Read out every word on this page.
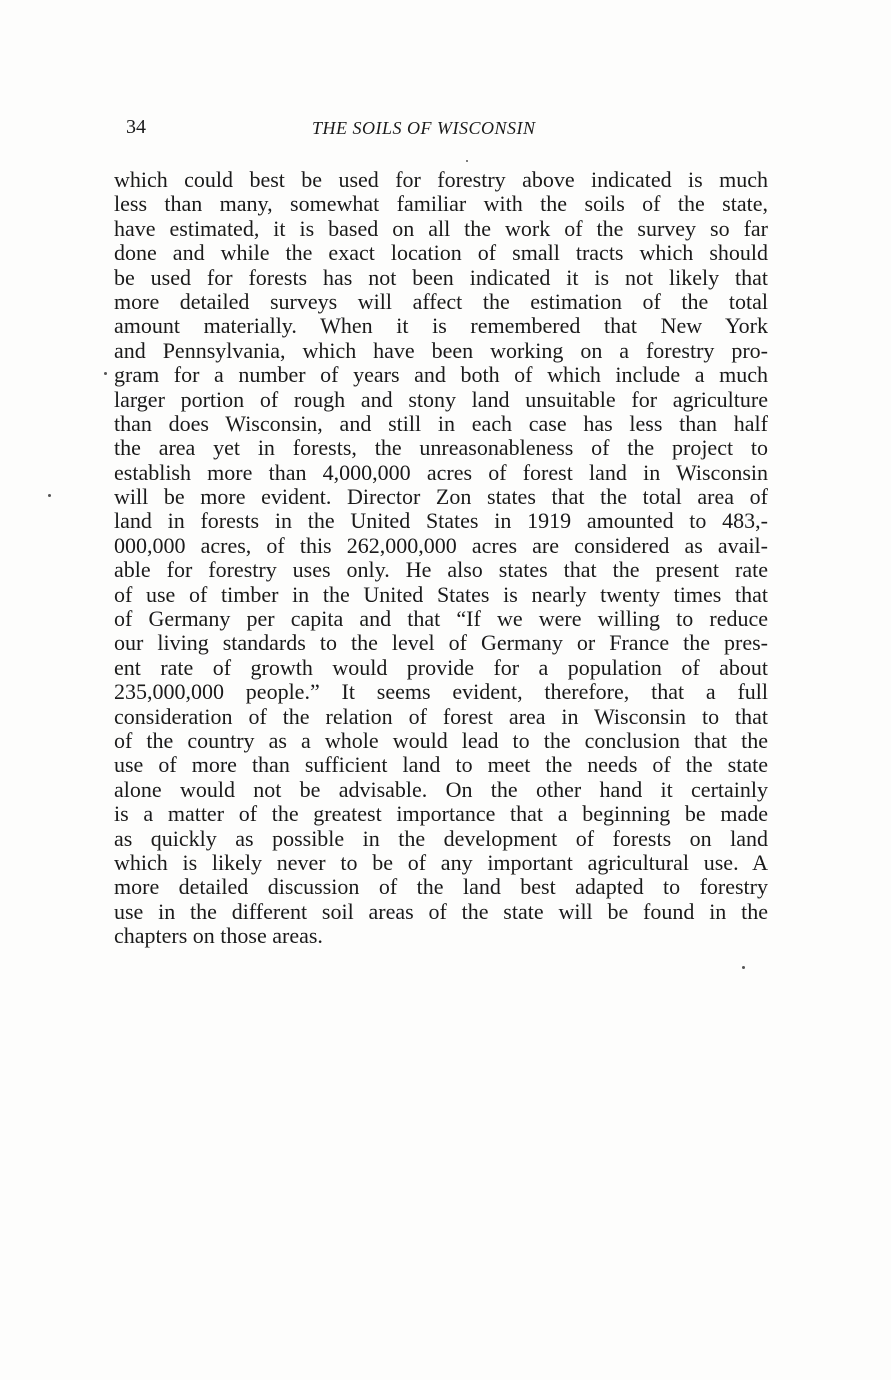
34	THE SOILS OF WISCONSIN
which could best be used for forestry above indicated is much
less than many, somewhat familiar with the soils of the state,
have estimated, it is based on all the work of the survey so far
done and while the exact location of small tracts which should
be used for forests has not been indicated it is not likely that
more detailed surveys will affect the estimation of the total
amount materially. When it is remembered that New York
and Pennsylvania, which have been working on a forestry pro-
gram for a number of years and both of which include a much
larger portion of rough and stony land unsuitable for agriculture
than does Wisconsin, and still in each case has less than half
the area yet in forests, the unreasonableness of the project to
establish more than 4,000,000 acres of forest land in Wisconsin
will be more evident. Director Zon states that the total area of
land in forests in the United States in 1919 amounted to 483,-
000,000 acres, of this 262,000,000 acres are considered as avail-
able for forestry uses only. He also states that the present rate
of use of timber in the United States is nearly twenty times that
of Germany per capita and that “If we were willing to reduce
our living standards to the level of Germany or France the pres-
ent rate of growth would provide for a population of about
235,000,000 people.” It seems evident, therefore, that a full
consideration of the relation of forest area in Wisconsin to that
of the country as a whole would lead to the conclusion that the
use of more than sufficient land to meet the needs of the state
alone would not be advisable. On the other hand it certainly
is a matter of the greatest importance that a beginning be made
as quickly as possible in the development of forests on land
which is likely never to be of any important agricultural use. A
more detailed discussion of the land best adapted to forestry
use in the different soil areas of the state will be found in the
chapters on those areas.
